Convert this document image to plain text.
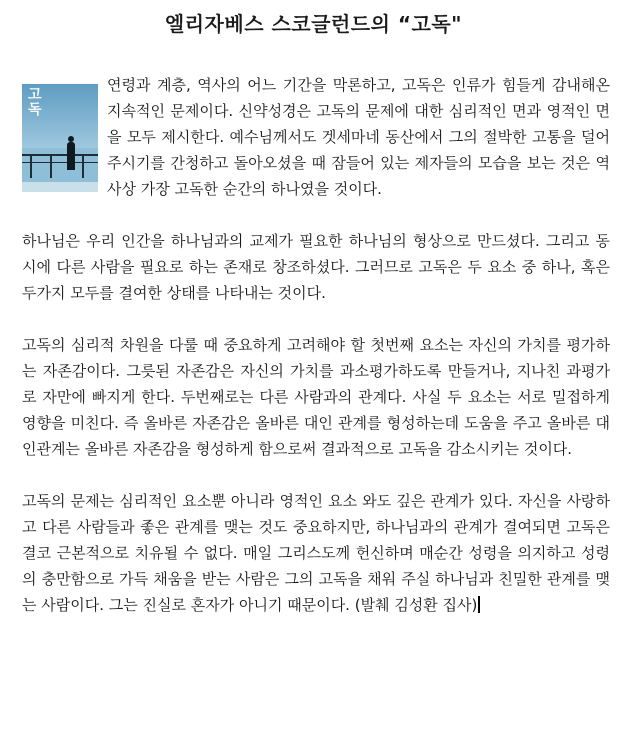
엘리자베스 스코글런드의 “고독"

고독
연령과 계층, 역사의 어느 기간을 막론하고, 고독은 인류가 힘들게 감내해온 지속적인 문제이다. 신약성경은 고독의 문제에 대한 심리적인 면과 영적인 면을 모두 제시한다. 예수님께서도 겟세마네 동산에서 그의 절박한 고통을 덜어 주시기를 간청하고 돌아오셨을 때 잠들어 있는 제자들의 모습을 보는 것은 역사상 가장 고독한 순간의 하나였을 것이다.

하나님은 우리 인간을 하나님과의 교제가 필요한 하나님의 형상으로 만드셨다. 그리고 동시에 다른 사람을 필요로 하는 존재로 창조하셨다. 그러므로 고독은 두 요소 중 하나, 혹은 두가지 모두를 결여한 상태를 나타내는 것이다.

고독의 심리적 차원을 다룰 때 중요하게 고려해야 할 첫번째 요소는 자신의 가치를 평가하는 자존감이다. 그릇된 자존감은 자신의 가치를 과소평가하도록 만들거나, 지나친 과평가로 자만에 빠지게 한다. 두번째로는 다른 사람과의 관계다. 사실 두 요소는 서로 밀접하게 영향을 미친다. 즉 올바른 자존감은 올바른 대인 관계를 형성하는데 도움을 주고 올바른 대인관계는 올바른 자존감을 형성하게 함으로써 결과적으로 고독을 감소시키는 것이다.

고독의 문제는 심리적인 요소뿐 아니라 영적인 요소 와도 깊은 관계가 있다. 자신을 사랑하고 다른 사람들과 좋은 관계를 맺는 것도 중요하지만, 하나님과의 관계가 결여되면 고독은 결코 근본적으로 치유될 수 없다. 매일 그리스도께 헌신하며 매순간 성령을 의지하고 성령의 충만함으로 가득 채움을 받는 사람은 그의 고독을 채워 주실 하나님과 친밀한 관계를 맺는 사람이다. 그는 진실로 혼자가 아니기 때문이다. (발췌 김성환 집사)
